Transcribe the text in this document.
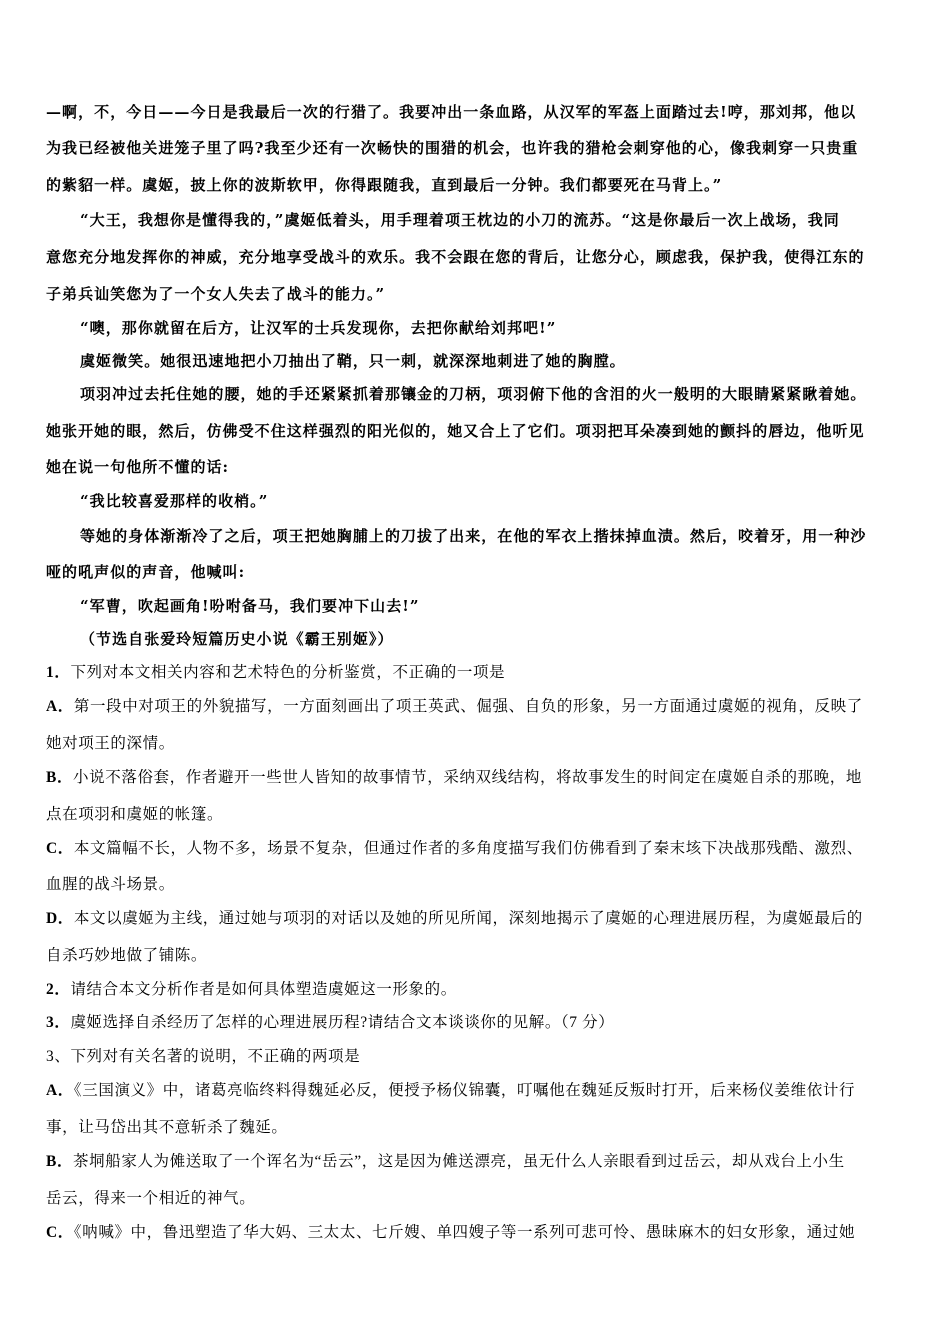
—啊，不，今日——今日是我最后一次的行猎了。我要冲出一条血路，从汉军的军盔上面踏过去!哼，那刘邦，他以
为我已经被他关进笼子里了吗?我至少还有一次畅快的围猎的机会，也许我的猎枪会刺穿他的心，像我刺穿一只贵重
的紫貂一样。虞姬，披上你的波斯软甲，你得跟随我，直到最后一分钟。我们都要死在马背上。”
“大王，我想你是懂得我的，”虞姬低着头，用手理着项王枕边的小刀的流苏。“这是你最后一次上战场，我同
意您充分地发挥你的神威，充分地享受战斗的欢乐。我不会跟在您的背后，让您分心，顾虑我，保护我，使得江东的
子弟兵讪笑您为了一个女人失去了战斗的能力。”
“噢，那你就留在后方，让汉军的士兵发现你，去把你献给刘邦吧!”
虞姬微笑。她很迅速地把小刀抽出了鞘，只一刺，就深深地刺进了她的胸膛。
项羽冲过去托住她的腰，她的手还紧紧抓着那镶金的刀柄，项羽俯下他的含泪的火一般明的大眼睛紧紧瞅着她。
她张开她的眼，然后，仿佛受不住这样强烈的阳光似的，她又合上了它们。项羽把耳朵凑到她的颤抖的唇边，他听见
她在说一句他所不懂的话:
“我比较喜爱那样的收梢。”
等她的身体渐渐冷了之后，项王把她胸脯上的刀拔了出来，在他的军衣上揩抹掉血渍。然后，咬着牙，用一种沙
哑的吼声似的声音，他喊叫:
“军曹，吹起画角!吩咐备马，我们要冲下山去!”
（节选自张爱玲短篇历史小说《霸王别姬》）
1．下列对本文相关内容和艺术特色的分析鉴赏，不正确的一项是
A．第一段中对项王的外貌描写，一方面刻画出了项王英武、倔强、自负的形象，另一方面通过虞姬的视角，反映了
她对项王的深情。
B．小说不落俗套，作者避开一些世人皆知的故事情节，采纳双线结构，将故事发生的时间定在虞姬自杀的那晚，地
点在项羽和虞姬的帐篷。
C．本文篇幅不长，人物不多，场景不复杂，但通过作者的多角度描写我们仿佛看到了秦末垓下决战那残酷、激烈、
血腥的战斗场景。
D．本文以虞姬为主线，通过她与项羽的对话以及她的所见所闻，深刻地揭示了虞姬的心理进展历程，为虞姬最后的
自杀巧妙地做了铺陈。
2．请结合本文分析作者是如何具体塑造虞姬这一形象的。
3．虞姬选择自杀经历了怎样的心理进展历程?请结合文本谈谈你的见解。（7 分）
3、下列对有关名著的说明，不正确的两项是
A．《三国演义》中，诸葛亮临终料得魏延必反，便授予杨仪锦囊，叮嘱他在魏延反叛时打开，后来杨仪姜维依计行
事，让马岱出其不意斩杀了魏延。
B．茶垌船家人为傩送取了一个诨名为“岳云”，这是因为傩送漂亮，虽无什么人亲眼看到过岳云，却从戏台上小生
岳云，得来一个相近的神气。
C．《呐喊》中，鲁迅塑造了华大妈、三太太、七斤嫂、单四嫂子等一系列可悲可怜、愚昧麻木的妇女形象，通过她
